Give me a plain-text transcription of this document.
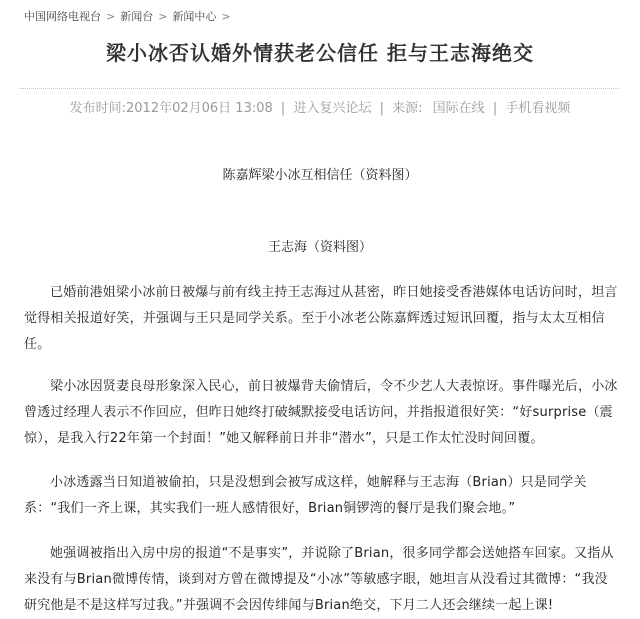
中国网络电视台 > 新闻台 > 新闻中心 >
梁小冰否认婚外情获老公信任 拒与王志海绝交
发布时间:2012年02月06日 13:08 | 进入复兴论坛 | 来源: 国际在线 | 手机看视频
陈嘉辉梁小冰互相信任（资料图）
王志海（资料图）

已婚前港姐梁小冰前日被爆与前有线主持王志海过从甚密，昨日她接受香港媒体电话访问时，坦言觉得相关报道好笑，并强调与王只是同学关系。至于小冰老公陈嘉辉透过短讯回覆，指与太太互相信任。

梁小冰因贤妻良母形象深入民心，前日被爆背夫偷情后，令不少艺人大表惊讶。事件曝光后，小冰曾透过经理人表示不作回应，但昨日她终打破缄默接受电话访问，并指报道很好笑：“好surprise（震惊），是我入行22年第一个封面！”她又解释前日并非“潜水”，只是工作太忙没时间回覆。

小冰透露当日知道被偷拍，只是没想到会被写成这样，她解释与王志海（Brian）只是同学关系：“我们一齐上课，其实我们一班人感情很好，Brian铜锣湾的餐厅是我们聚会地。”

她强调被指出入房中房的报道“不是事实”，并说除了Brian，很多同学都会送她搭车回家。又指从来没有与Brian微博传情，谈到对方曾在微博提及“小冰”等敏感字眼，她坦言从没看过其微博：“我没研究他是不是这样写过我。”并强调不会因传绯闻与Brian绝交，下月二人还会继续一起上课!
